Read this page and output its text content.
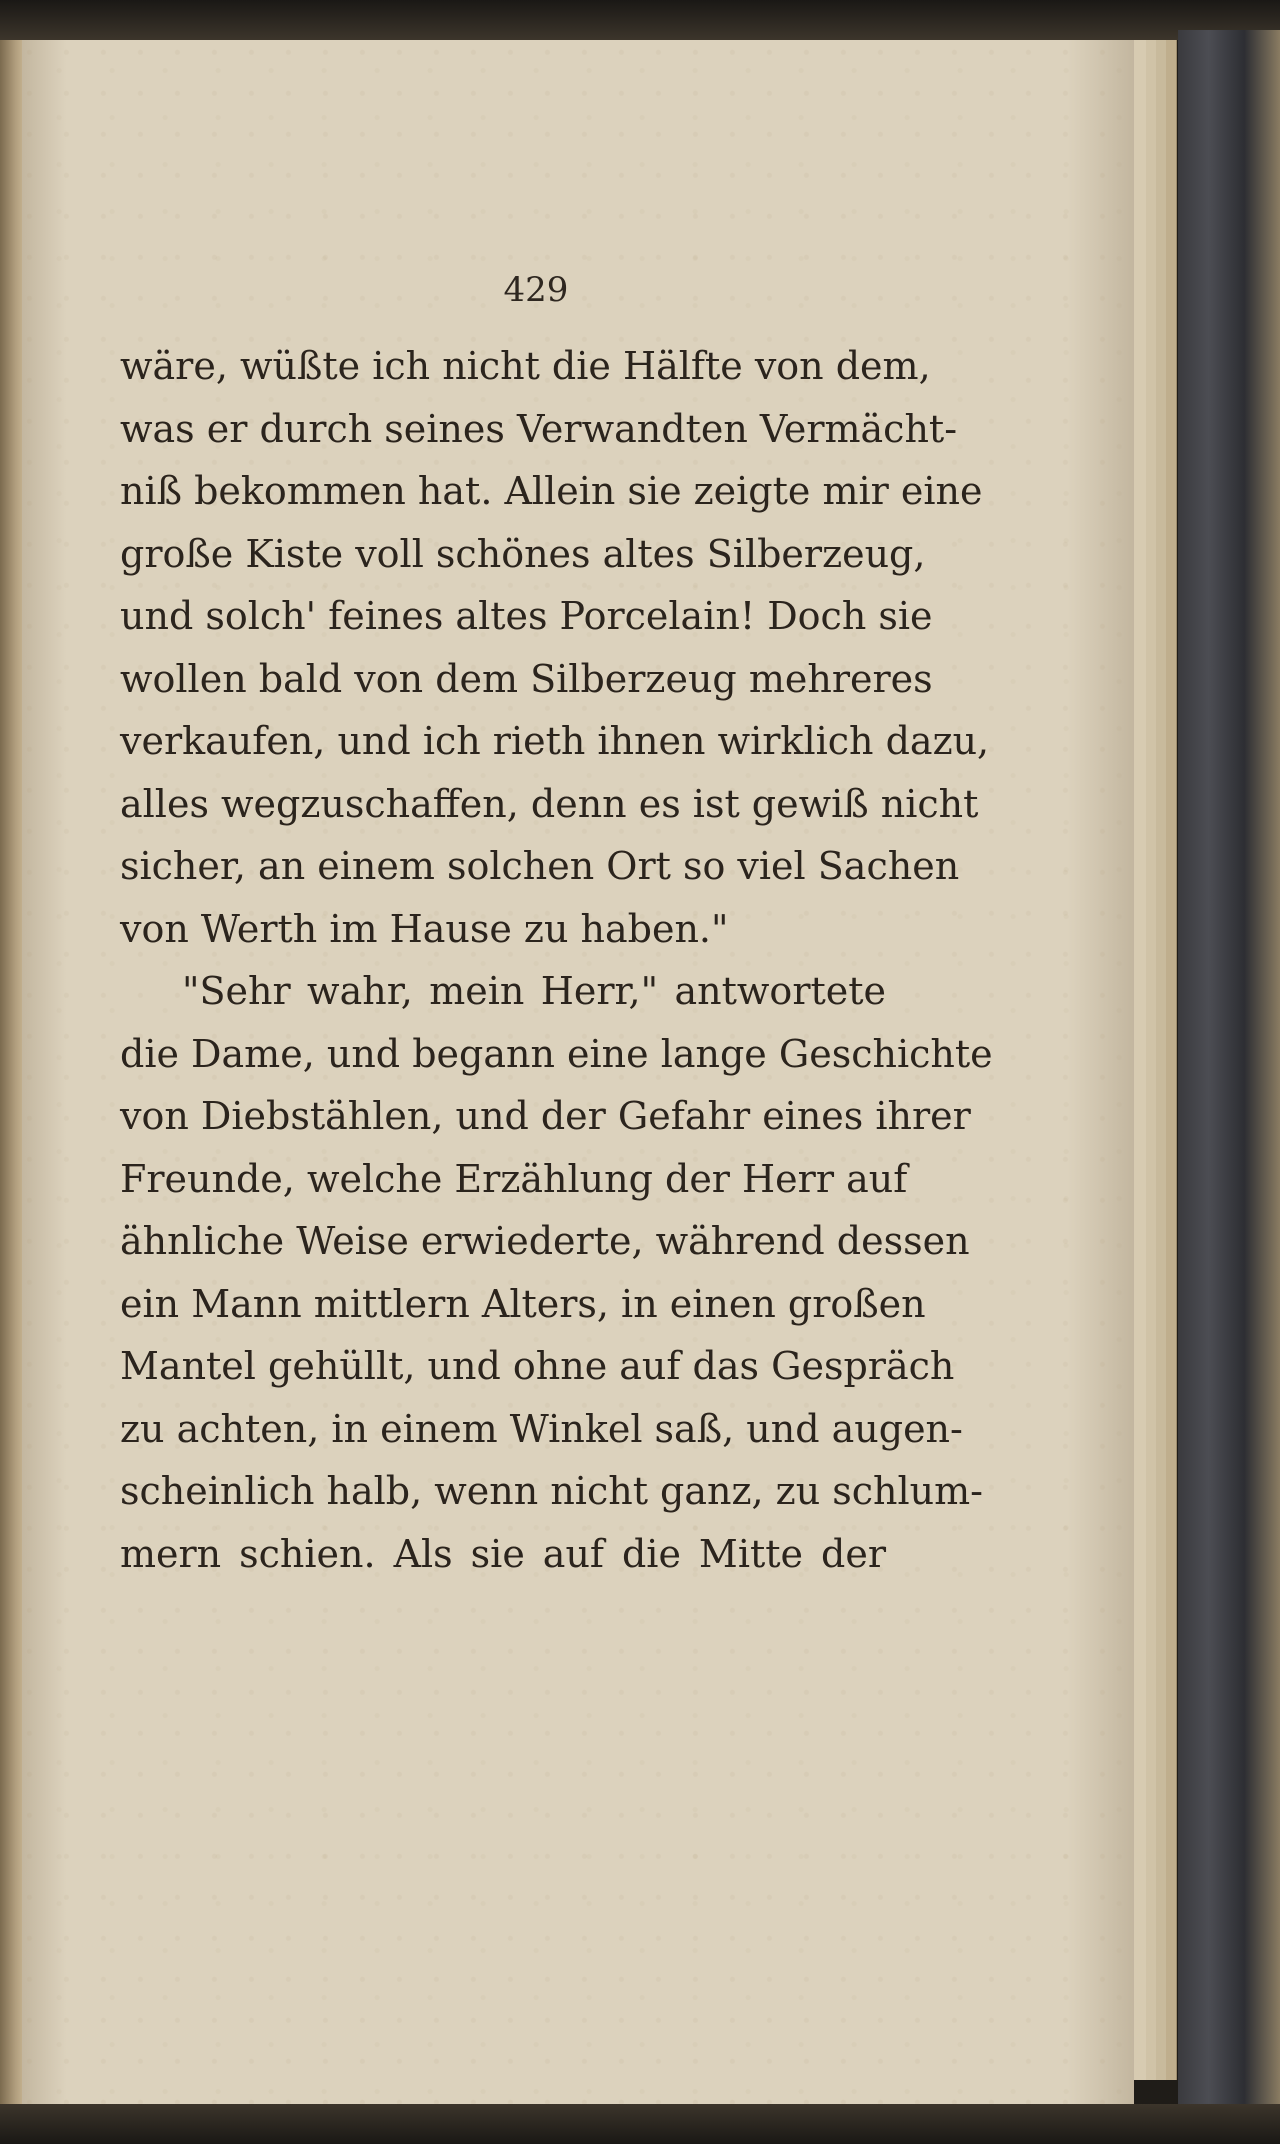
429
wäre, wüßte ich nicht die Hälfte von dem,
was er durch seines Verwandten Vermächt-
niß bekommen hat. Allein sie zeigte mir eine
große Kiste voll schönes altes Silberzeug,
und solch' feines altes Porcelain! Doch sie
wollen bald von dem Silberzeug mehreres
verkaufen, und ich rieth ihnen wirklich dazu,
alles wegzuschaffen, denn es ist gewiß nicht
sicher, an einem solchen Ort so viel Sachen
von Werth im Hause zu haben."
"Sehr wahr, mein Herr," antwortete
die Dame, und begann eine lange Geschichte
von Diebstählen, und der Gefahr eines ihrer
Freunde, welche Erzählung der Herr auf
ähnliche Weise erwiederte, während dessen
ein Mann mittlern Alters, in einen großen
Mantel gehüllt, und ohne auf das Gespräch
zu achten, in einem Winkel saß, und augen-
scheinlich halb, wenn nicht ganz, zu schlum-
mern schien. Als sie auf die Mitte der
